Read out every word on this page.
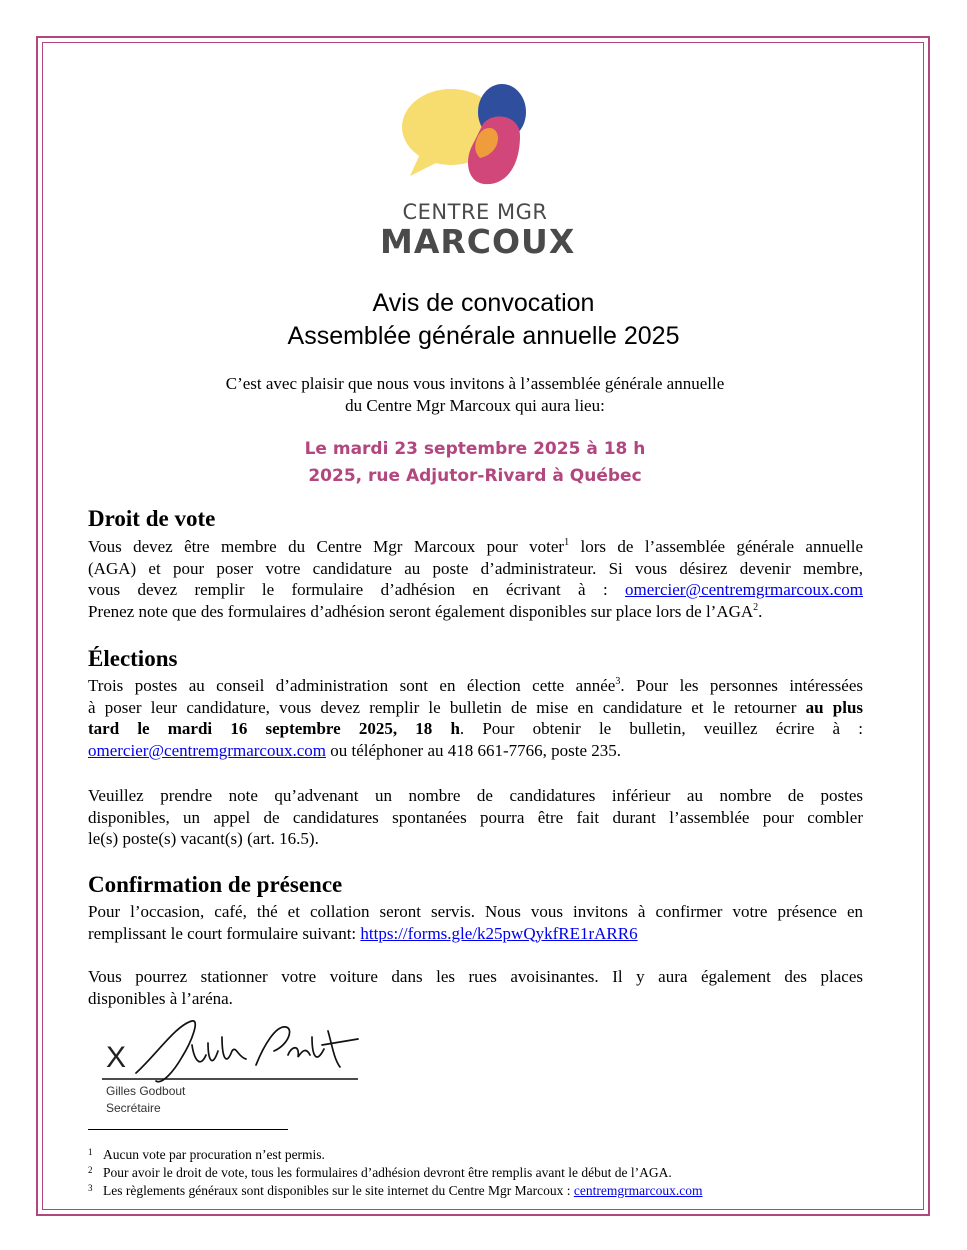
CENTRE MGR
MARCOUX
Avis de convocation
Assemblée générale annuelle 2025
C’est avec plaisir que nous vous invitons à l’assemblée générale annuelle
du Centre Mgr Marcoux qui aura lieu:
Le mardi 23 septembre 2025 à 18 h
2025, rue Adjutor-Rivard à Québec
Droit de vote
Vous devez être membre du Centre Mgr Marcoux pour voter$^1$ lors de l’assemblée générale annuelle
(AGA) et pour poser votre candidature au poste d’administrateur. Si vous désirez devenir membre,
vous devez remplir le formulaire d’adhésion en écrivant à : omercier@centremgrmarcoux.com
Prenez note que des formulaires d’adhésion seront également disponibles sur place lors de l’AGA$^2$.
Élections
Trois postes au conseil d’administration sont en élection cette année$^3$. Pour les personnes intéressées
à poser leur candidature, vous devez remplir le bulletin de mise en candidature et le retourner au plus
tard le mardi 16 septembre 2025, 18 h. Pour obtenir le bulletin, veuillez écrire à :
omercier@centremgrmarcoux.com ou téléphoner au 418 661-7766, poste 235.
Veuillez prendre note qu’advenant un nombre de candidatures inférieur au nombre de postes
disponibles, un appel de candidatures spontanées pourra être fait durant l’assemblée pour combler
le(s) poste(s) vacant(s) (art. 16.5).
Confirmation de présence
Pour l’occasion, café, thé et collation seront servis. Nous vous invitons à confirmer votre présence en
remplissant le court formulaire suivant: https://forms.gle/k25pwQykfRE1rARR6
Vous pourrez stationner votre voiture dans les rues avoisinantes. Il y aura également des places
disponibles à l’aréna.
X
Gilles Godbout
Secrétaire
1 Aucun vote par procuration n’est permis.
2 Pour avoir le droit de vote, tous les formulaires d’adhésion devront être remplis avant le début de l’AGA.
3 Les règlements généraux sont disponibles sur le site internet du Centre Mgr Marcoux : centremgrmarcoux.com
